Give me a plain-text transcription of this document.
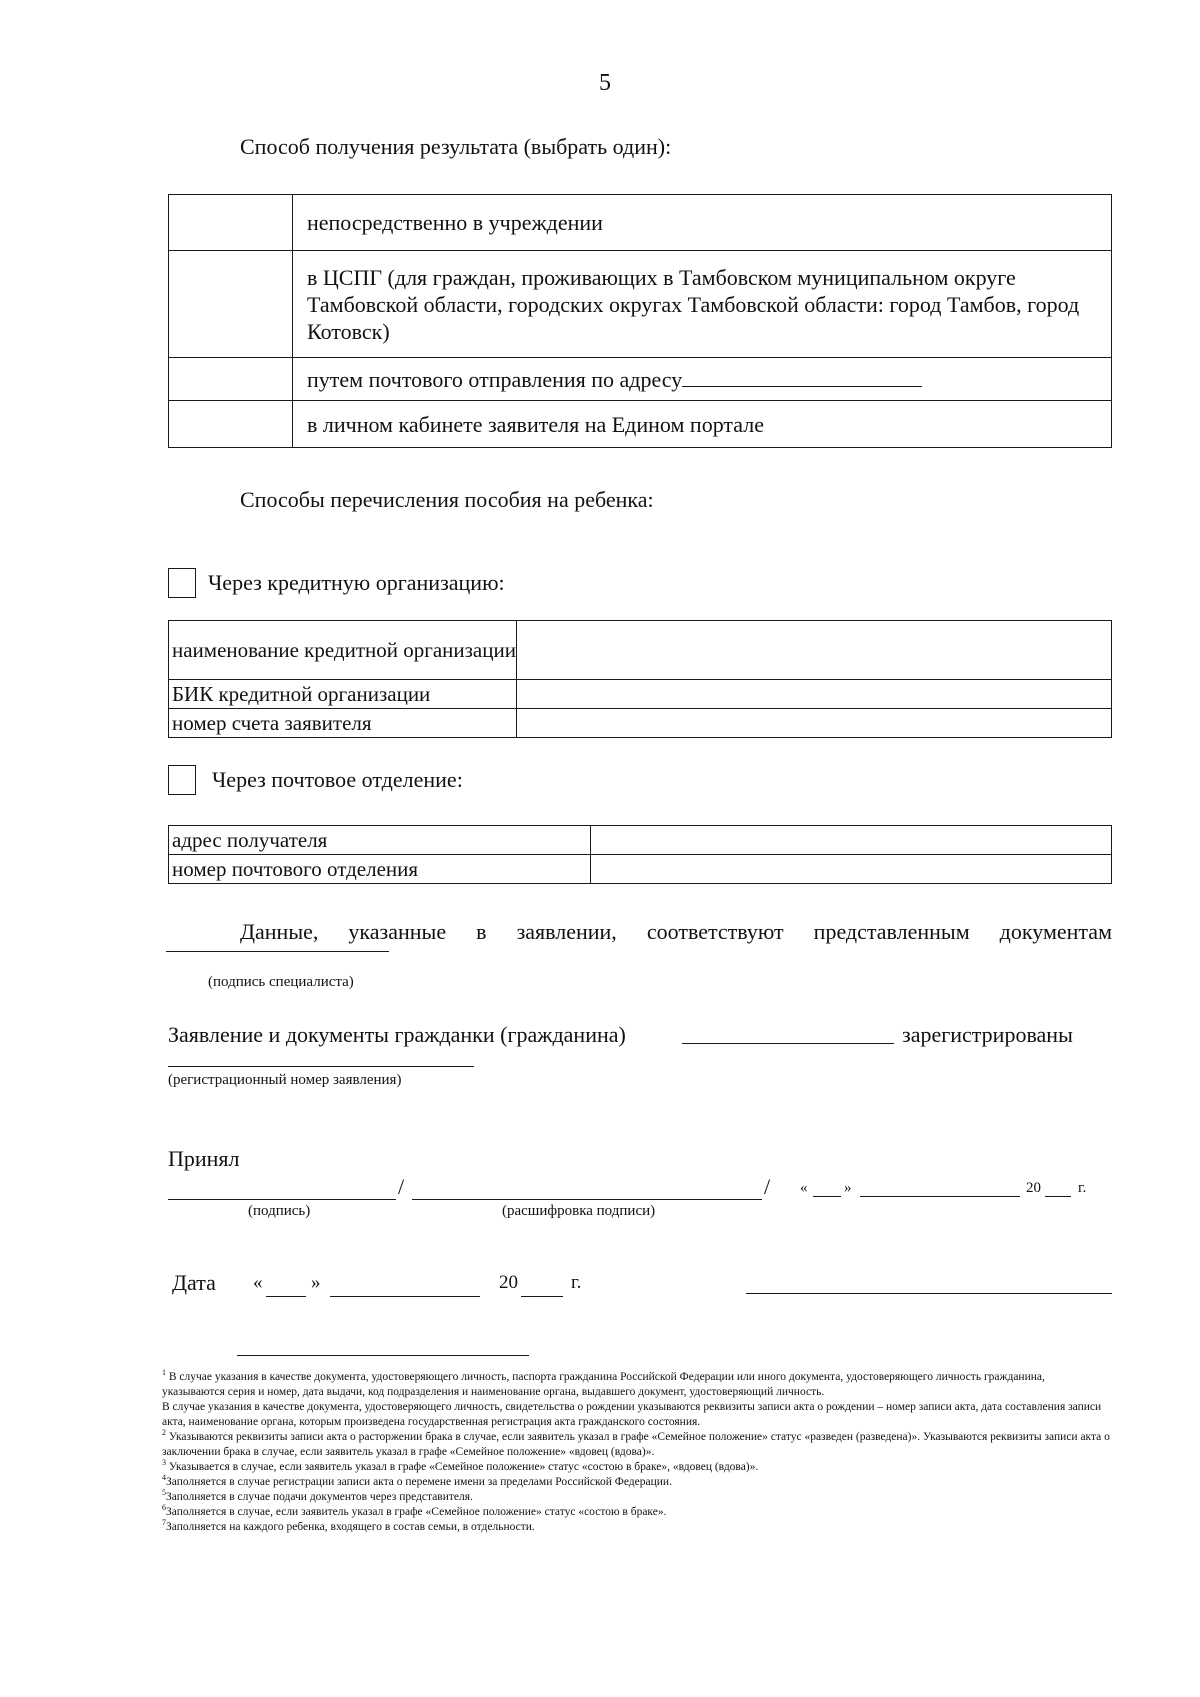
5
Способ получения результата (выбрать один):
	непосредственно в учреждении
	в ЦСПГ (для граждан, проживающих в Тамбовском муниципальном округе Тамбовской области, городских округах Тамбовской области: город Тамбов, город Котовск)
	путем почтового отправления по адресу
	в личном кабинете заявителя на Едином портале
Способы перечисления пособия на ребенка:
Через кредитную организацию:
наименование кредитной организации	
БИК кредитной организации	
номер счета заявителя	
Через почтовое отделение:
адрес получателя	
номер почтового отделения	
Данные, указанные в заявлении, соответствуют представленным документам
(подпись специалиста)
Заявление и документы гражданки (гражданина)	зарегистрированы
(регистрационный номер заявления)
Принял
/	/ « »	20 г.
(подпись)	(расшифровка подписи)
Дата «	»	20	г.

$^1$ В случае указания в качестве документа, удостоверяющего личность, паспорта гражданина Российской Федерации или иного документа, удостоверяющего личность гражданина, указываются серия и номер, дата выдачи, код подразделения и наименование органа, выдавшего документ, удостоверяющий личность.

В случае указания в качестве документа, удостоверяющего личность, свидетельства о рождении указываются реквизиты записи акта о рождении – номер записи акта, дата составления записи акта, наименование органа, которым произведена государственная регистрация акта гражданского состояния.

$^2$ Указываются реквизиты записи акта о расторжении брака в случае, если заявитель указал в графе «Семейное положение» статус «разведен (разведена)». Указываются реквизиты записи акта о заключении брака в случае, если заявитель указал в графе «Семейное положение» «вдовец (вдова)».

$^3$ Указывается в случае, если заявитель указал в графе «Семейное положение» статус «состою в браке», «вдовец (вдова)».

$^4$Заполняется в случае регистрации записи акта о перемене имени за пределами Российской Федерации.

$^5$Заполняется в случае подачи документов через представителя.

$^6$Заполняется в случае, если заявитель указал в графе «Семейное положение» статус «состою в браке».

$^7$Заполняется на каждого ребенка, входящего в состав семьи, в отдельности.
